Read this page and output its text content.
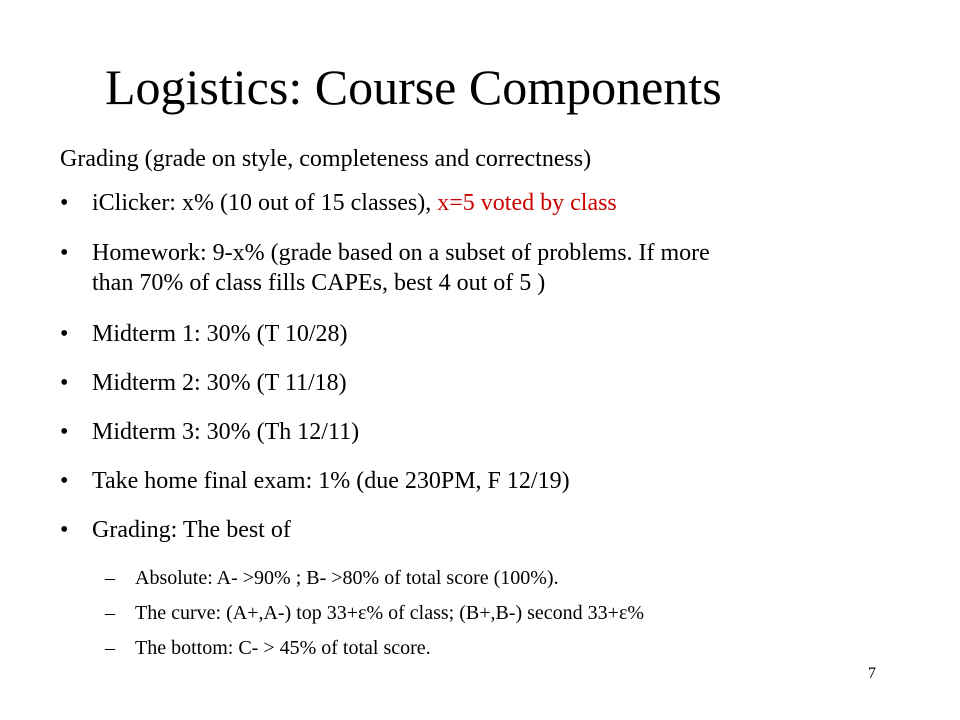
Logistics: Course Components
Grading (grade on style, completeness and correctness)
• iClicker: x% (10 out of 15 classes), x=5 voted by class
• Homework: 9-x% (grade based on a subset of problems. If more
than 70% of class fills CAPEs, best 4 out of 5 )
• Midterm 1: 30% (T 10/28)
• Midterm 2: 30% (T 11/18)
• Midterm 3: 30% (Th 12/11)
• Take home final exam: 1% (due 230PM, F 12/19)
• Grading: The best of
– Absolute: A- >90% ; B- >80% of total score (100%).
– The curve: (A+,A-) top 33+ε% of class; (B+,B-) second 33+ε%
– The bottom: C- > 45% of total score.
7
